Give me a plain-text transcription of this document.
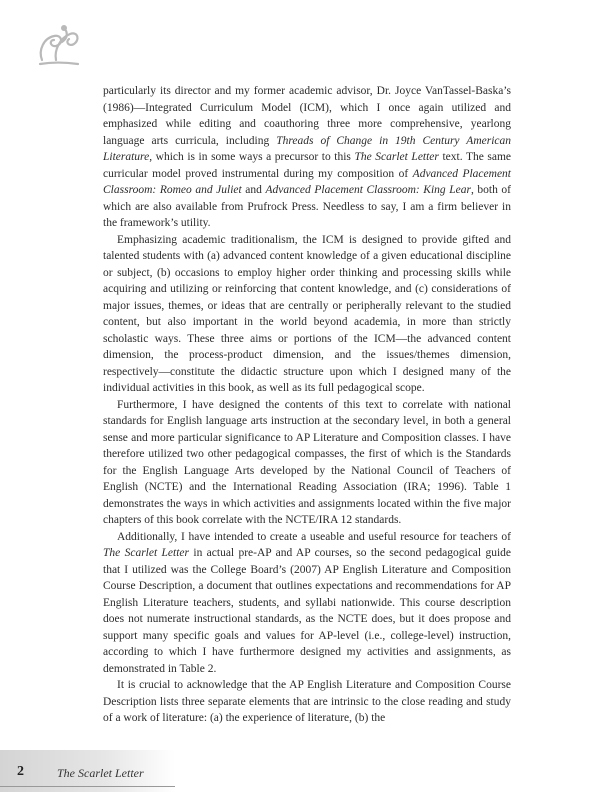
particularly its director and my former academic advisor, Dr. Joyce VanTassel-Baska’s (1986)—Integrated Curriculum Model (ICM), which I once again utilized and emphasized while editing and coauthoring three more comprehensive, yearlong language arts curricula, including Threads of Change in 19th Century American Literature, which is in some ways a precursor to this The Scarlet Letter text. The same curricular model proved instrumental during my composition of Advanced Placement Classroom: Romeo and Juliet and Advanced Placement Classroom: King Lear, both of which are also available from Prufrock Press. Needless to say, I am a firm believer in the framework’s utility.

Emphasizing academic traditionalism, the ICM is designed to provide gifted and talented students with (a) advanced content knowledge of a given educational discipline or subject, (b) occasions to employ higher order thinking and processing skills while acquiring and utilizing or reinforcing that content knowledge, and (c) considerations of major issues, themes, or ideas that are centrally or peripherally relevant to the studied content, but also important in the world beyond academia, in more than strictly scholastic ways. These three aims or portions of the ICM—the advanced content dimension, the process-product dimension, and the issues/themes dimension, respectively—constitute the didactic structure upon which I designed many of the individual activities in this book, as well as its full pedagogical scope.

Furthermore, I have designed the contents of this text to correlate with national standards for English language arts instruction at the secondary level, in both a general sense and more particular significance to AP Literature and Composition classes. I have therefore utilized two other pedagogical compasses, the first of which is the Standards for the English Language Arts developed by the National Council of Teachers of English (NCTE) and the International Reading Association (IRA; 1996). Table 1 demonstrates the ways in which activities and assignments located within the five major chapters of this book correlate with the NCTE/IRA 12 standards.

Additionally, I have intended to create a useable and useful resource for teachers of The Scarlet Letter in actual pre-AP and AP courses, so the second pedagogical guide that I utilized was the College Board’s (2007) AP English Literature and Composition Course Description, a document that outlines expectations and recommendations for AP English Literature teachers, students, and syllabi nationwide. This course description does not numerate instructional standards, as the NCTE does, but it does propose and support many specific goals and values for AP-level (i.e., college-level) instruction, according to which I have furthermore designed my activities and assignments, as demonstrated in Table 2.

It is crucial to acknowledge that the AP English Literature and Composition Course Description lists three separate elements that are intrinsic to the close reading and study of a work of literature: (a) the experience of literature, (b) the

2	The Scarlet Letter
